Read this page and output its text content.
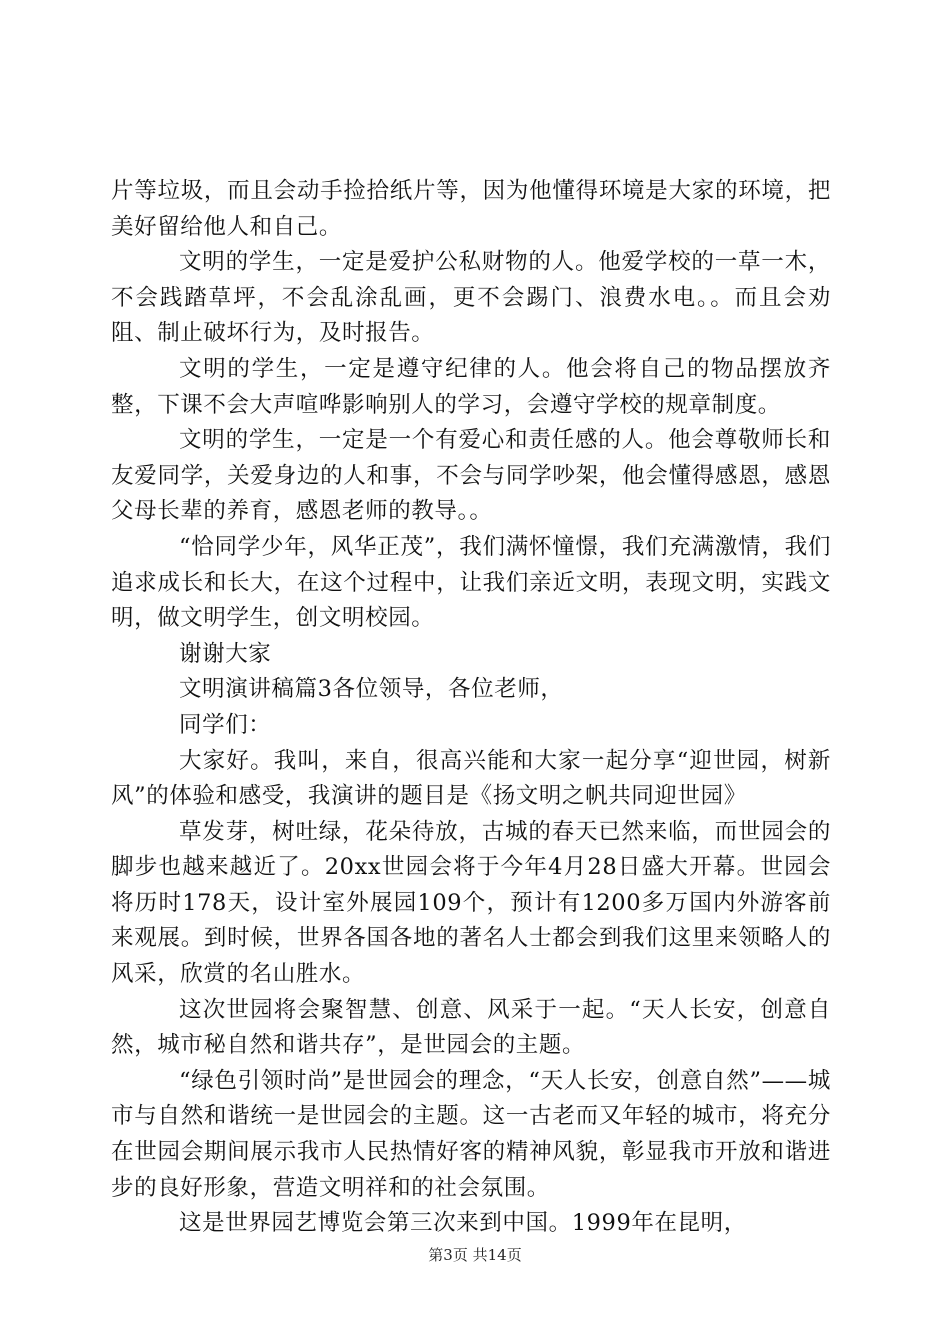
片等垃圾，而且会动手捡拾纸片等，因为他懂得环境是大家的环境，把美好留给他人和自己。

文明的学生，一定是爱护公私财物的人。他爱学校的一草一木，不会践踏草坪，不会乱涂乱画，更不会踢门、浪费水电。。而且会劝阻、制止破坏行为，及时报告。

文明的学生，一定是遵守纪律的人。他会将自己的物品摆放齐整，下课不会大声喧哗影响别人的学习，会遵守学校的规章制度。

文明的学生，一定是一个有爱心和责任感的人。他会尊敬师长和友爱同学，关爱身边的人和事，不会与同学吵架，他会懂得感恩，感恩父母长辈的养育，感恩老师的教导。。

“恰同学少年，风华正茂”，我们满怀憧憬，我们充满激情，我们追求成长和长大，在这个过程中，让我们亲近文明，表现文明，实践文明，做文明学生，创文明校园。

谢谢大家

文明演讲稿篇3各位领导，各位老师，

同学们：

大家好。我叫，来自，很高兴能和大家一起分享“迎世园，树新风”的体验和感受，我演讲的题目是《扬文明之帆共同迎世园》

草发芽，树吐绿，花朵待放，古城的春天已然来临，而世园会的脚步也越来越近了。20xx世园会将于今年4月28日盛大开幕。世园会将历时178天，设计室外展园109个，预计有1200多万国内外游客前来观展。到时候，世界各国各地的著名人士都会到我们这里来领略人的风采，欣赏的名山胜水。

这次世园将会聚智慧、创意、风采于一起。“天人长安，创意自然，城市秘自然和谐共存”，是世园会的主题。

“绿色引领时尚”是世园会的理念，“天人长安，创意自然”——城市与自然和谐统一是世园会的主题。这一古老而又年轻的城市，将充分在世园会期间展示我市人民热情好客的精神风貌，彰显我市开放和谐进步的良好形象，营造文明祥和的社会氛围。

这是世界园艺博览会第三次来到中国。1999年在昆明，

第3页 共14页
